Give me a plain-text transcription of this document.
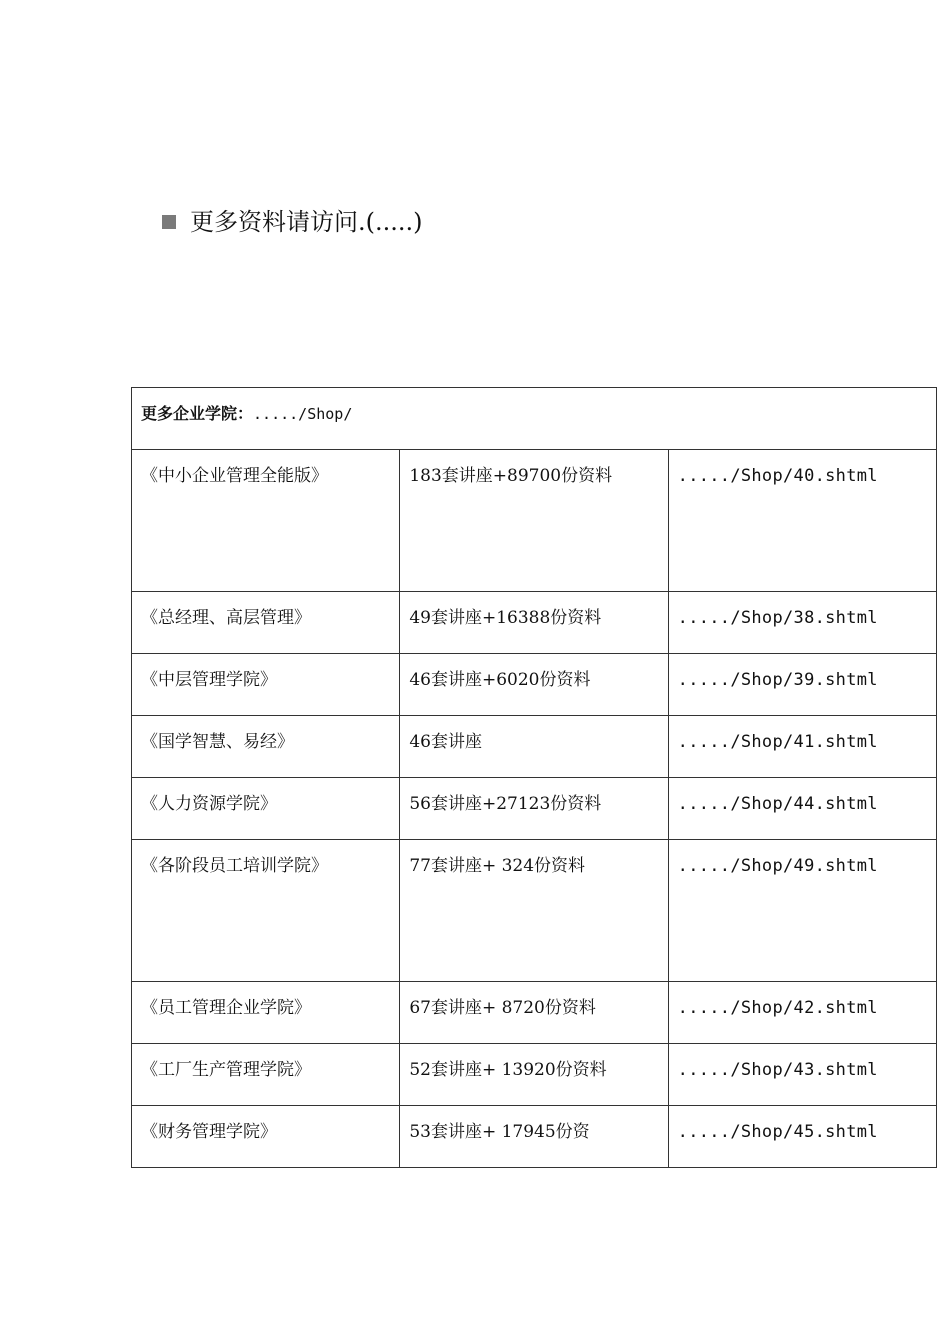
更多资料请访问.(.....)
更多企业学院：...../Shop/		

《中小企业管理全能版》	183套讲座+89700份资料	...../Shop/40.shtml
《总经理、高层管理》	49套讲座+16388份资料	...../Shop/38.shtml
《中层管理学院》	46套讲座+6020份资料	...../Shop/39.shtml
《国学智慧、易经》	46套讲座	...../Shop/41.shtml
《人力资源学院》	56套讲座+27123份资料	...../Shop/44.shtml

《各阶段员工培训学院》	77套讲座+ 324份资料	...../Shop/49.shtml
《员工管理企业学院》	67套讲座+ 8720份资料	...../Shop/42.shtml
《工厂生产管理学院》	52套讲座+ 13920份资料	...../Shop/43.shtml
《财务管理学院》	53套讲座+ 17945份资	...../Shop/45.shtml
